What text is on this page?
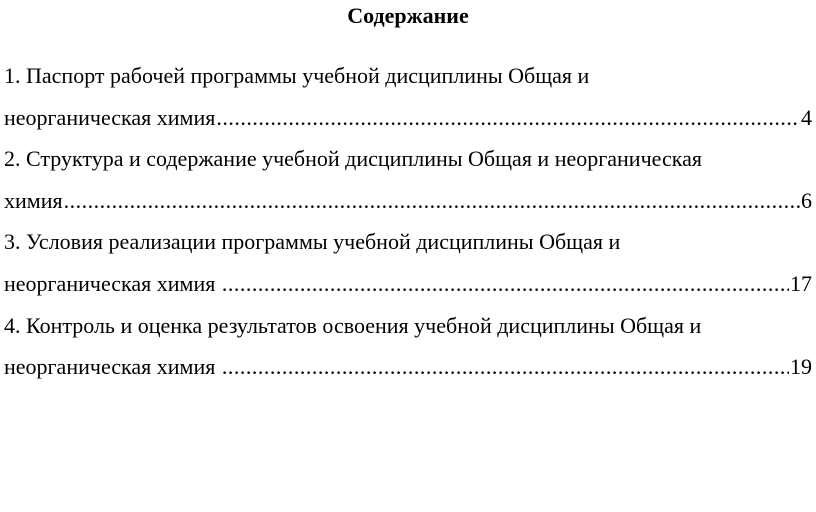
Содержание
1. Паспорт рабочей программы учебной дисциплины Общая и
неорганическая химия .....	4
2. Структура и содержание учебной дисциплины Общая и неорганическая
химия .....	6
3. Условия реализации программы учебной дисциплины Общая и
неорганическая химия .....	17
4. Контроль и оценка результатов освоения учебной дисциплины Общая и
неорганическая химия .....	19
